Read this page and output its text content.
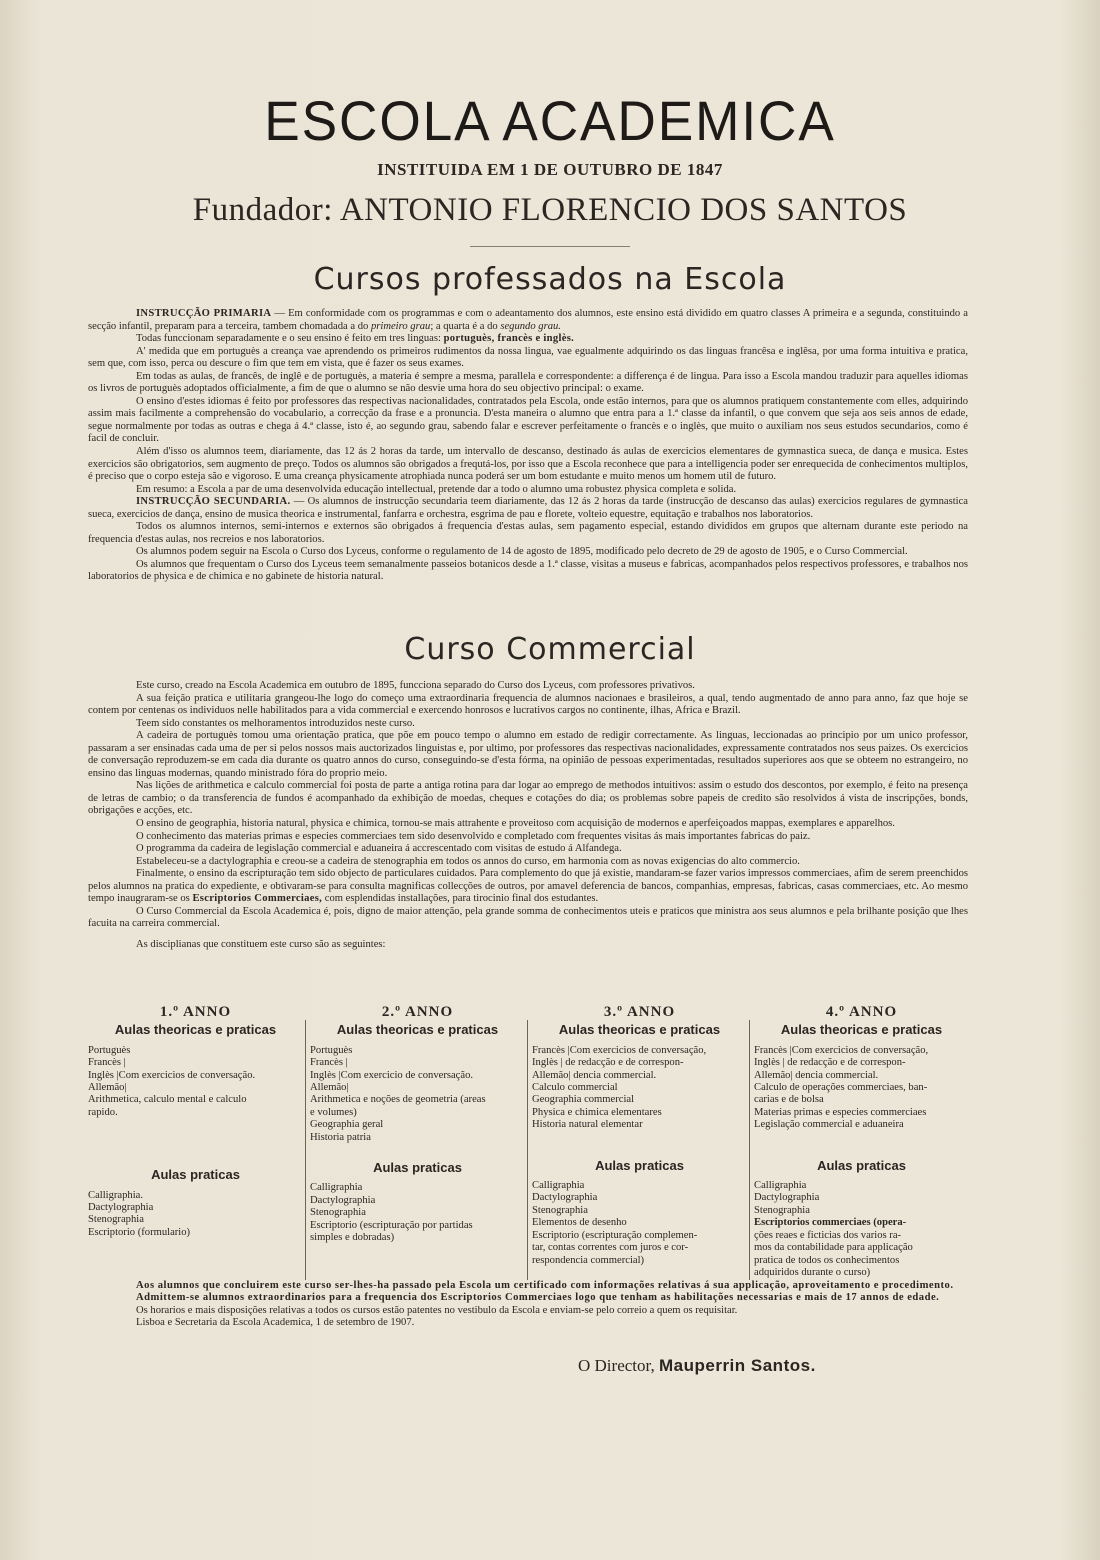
ESCOLA ACADEMICA
INSTITUIDA EM 1 DE OUTUBRO DE 1847
Fundador: ANTONIO FLORENCIO DOS SANTOS
Cursos professados na Escola

INSTRUCÇÃO PRIMARIA — Em conformidade com os programmas e com o adeantamento dos alumnos, este ensino está dividido em quatro classes A primeira e a segunda, constituindo a secção infantil, preparam para a terceira, tambem chomadada a do primeiro grau; a quarta é a do segundo grau.

Todas funccionam separadamente e o seu ensino é feito em tres linguas: portuguès, francès e inglès.

A' medida que em portuguès a creança vae aprendendo os primeiros rudimentos da nossa lingua, vae egualmente adquirindo os das linguas francêsa e inglêsa, por uma forma intuitiva e pratica, sem que, com isso, perca ou descure o fim que tem em vista, que é fazer os seus exames.

Em todas as aulas, de francês, de inglê e de portuguès, a materia é sempre a mesma, parallela e correspondente: a differença é de lingua. Para isso a Escola mandou traduzir para aquelles idiomas os livros de portuguès adoptados officialmente, a fim de que o alumno se não desvie uma hora do seu objectivo principal: o exame.

O ensino d'estes idiomas é feito por professores das respectivas nacionalidades, contratados pela Escola, onde estão internos, para que os alumnos pratiquem constantemente com elles, adquirindo assim mais facilmente a comprehensão do vocabulario, a correcção da frase e a pronuncia. D'esta maneira o alumno que entra para a 1.ª classe da infantil, o que convem que seja aos seis annos de edade, segue normalmente por todas as outras e chega á 4.ª classe, isto é, ao segundo grau, sabendo falar e escrever perfeitamente o francès e o inglès, que muito o auxiliam nos seus estudos secundarios, como é facil de concluir.

Além d'isso os alumnos teem, diariamente, das 12 ás 2 horas da tarde, um intervallo de descanso, destinado ás aulas de exercicios elementares de gymnastica sueca, de dança e musica. Estes exercicios são obrigatorios, sem augmento de preço. Todos os alumnos são obrigados a frequtá-los, por isso que a Escola reconhece que para a intelligencia poder ser enrequecida de conhecimentos multiplos, é preciso que o corpo esteja são e vigoroso. E uma creança physicamente atrophiada nunca poderá ser um bom estudante e muito menos um homem util de futuro.

Em resumo: a Escola a par de uma desenvolvida educação intellectual, pretende dar a todo o alumno uma robustez physica completa e solida.

INSTRUCÇÃO SECUNDARIA. — Os alumnos de instrucção secundaria teem diariamente, das 12 ás 2 horas da tarde (instrucção de descanso das aulas) exercicios regulares de gymnastica sueca, exercicios de dança, ensino de musica theorica e instrumental, fanfarra e orchestra, esgrima de pau e florete, volteio equestre, equitação e trabalhos nos laboratorios.

Todos os alumnos internos, semi-internos e externos são obrigados á frequencia d'estas aulas, sem pagamento especial, estando divididos em grupos que alternam durante este periodo na frequencia d'estas aulas, nos recreios e nos laboratorios.

Os alumnos podem seguir na Escola o Curso dos Lyceus, conforme o regulamento de 14 de agosto de 1895, modificado pelo decreto de 29 de agosto de 1905, e o Curso Commercial.

Os alumnos que frequentam o Curso dos Lyceus teem semanalmente passeios botanicos desde a 1.ª classe, visitas a museus e fabricas, acompanhados pelos respectivos professores, e trabalhos nos laboratorios de physica e de chimica e no gabinete de historia natural.

Curso Commercial

Este curso, creado na Escola Academica em outubro de 1895, funcciona separado do Curso dos Lyceus, com professores privativos.

A sua feição pratica e utilitaria grangeou-lhe logo do começo uma extraordinaria frequencia de alumnos nacionaes e brasileiros, a qual, tendo augmentado de anno para anno, faz que hoje se contem por centenas os individuos nelle habilitados para a vida commercial e exercendo honrosos e lucrativos cargos no continente, ilhas, Africa e Brazil.

Teem sido constantes os melhoramentos introduzidos neste curso.

A cadeira de portuguès tomou uma orientação pratica, que põe em pouco tempo o alumno em estado de redigir correctamente. As linguas, leccionadas ao principio por um unico professor, passaram a ser ensinadas cada uma de per si pelos nossos mais auctorizados linguistas e, por ultimo, por professores das respectivas nacionalidades, expressamente contratados nos seus paizes. Os exercicios de conversação reproduzem-se em cada dia durante os quatro annos do curso, conseguindo-se d'esta fórma, na opinião de pessoas experimentadas, resultados superiores aos que se obteem no estrangeiro, no ensino das linguas modernas, quando ministrado fóra do proprio meio.

Nas lições de arithmetica e calculo commercial foi posta de parte a antiga rotina para dar logar ao emprego de methodos intuitivos: assim o estudo dos descontos, por exemplo, é feito na presença de letras de cambio; o da transferencia de fundos é acompanhado da exhibição de moedas, cheques e cotações do dia; os problemas sobre papeis de credito são resolvidos á vista de inscripções, bonds, obrigações e acções, etc.

O ensino de geographia, historia natural, physica e chimica, tornou-se mais attrahente e proveitoso com acquisição de modernos e aperfeiçoados mappas, exemplares e apparelhos.

O conhecimento das materias primas e especies commerciaes tem sido desenvolvido e completado com frequentes visitas ás mais importantes fabricas do paiz.

O programma da cadeira de legislação commercial e aduaneira á accrescentado com visitas de estudo á Alfandega.

Estabeleceu-se a dactylographia e creou-se a cadeira de stenographia em todos os annos do curso, em harmonia com as novas exigencias do alto commercio.

Finalmente, o ensino da escripturação tem sido objecto de particulares cuidados. Para complemento do que já existie, mandaram-se fazer varios impressos commerciaes, afim de serem preenchidos pelos alumnos na pratica do expediente, e obtivaram-se para consulta magnificas collecções de outros, por amavel deferencia de bancos, companhias, empresas, fabricas, casas commerciaes, etc. Ao mesmo tempo inaugraram-se os Escriptorios Commerciaes, com esplendidas installações, para tirocinio final dos estudantes.

O Curso Commercial da Escola Academica é, pois, digno de maior attenção, pela grande somma de conhecimentos uteis e praticos que ministra aos seus alumnos e pela brilhante posição que lhes facuita na carreira commercial.

As disciplianas que constituem este curso são as seguintes:

1.º ANNO
Aulas theoricas e praticas
Portuguès
Francès |
Inglès |Com exercicios de conversação.
Allemão|
Arithmetica, calculo mental e calculo
rapido.
Aulas praticas
Calligraphia.
Dactylographia
Stenographia
Escriptorio (formulario)
2.º ANNO
Aulas theoricas e praticas
Portuguès
Francès |
Inglès |Com exercicio de conversação.
Allemão|
Arithmetica e noções de geometria (areas
e volumes)
Geographia geral
Historia patria
Aulas praticas
Calligraphia
Dactylographia
Stenographia
Escriptorio (escripturação por partidas
simples e dobradas)
3.º ANNO
Aulas theoricas e praticas
Francès |Com exercicios de conversação,
Inglès | de redacção e de correspon-
Allemão| dencia commercial.
Calculo commercial
Geographia commercial
Physica e chimica elementares
Historia natural elementar
Aulas praticas
Calligraphia
Dactylographia
Stenographia
Elementos de desenho
Escriptorio (escripturação complemen-
tar, contas correntes com juros e cor-
respondencia commercial)
4.º ANNO
Aulas theoricas e praticas
Francès |Com exercicios de conversação,
Inglès | de redacção e de correspon-
Allemão| dencia commercial.
Calculo de operações commerciaes, ban-
carias e de bolsa
Materias primas e especies commerciaes
Legislação commercial e aduaneira
Aulas praticas
Calligraphia
Dactylographia
Stenographia
Escriptorios commerciaes (opera-
ções reaes e ficticias dos varios ra-
mos da contabilidade para applicação
pratica de todos os conhecimentos
adquiridos durante o curso)

Aos alumnos que concluirem este curso ser-lhes-ha passado pela Escola um certificado com informações relativas á sua applicação, aproveitamento e procedimento.

Admittem-se alumnos extraordinarios para a frequencia dos Escriptorios Commerciaes logo que tenham as habilitações necessarias e mais de 17 annos de edade.

Os horarios e mais disposições relativas a todos os cursos estão patentes no vestibulo da Escola e enviam-se pelo correio a quem os requisitar.

Lisboa e Secretaria da Escola Academica, 1 de setembro de 1907.

O Director, Mauperrin Santos.
